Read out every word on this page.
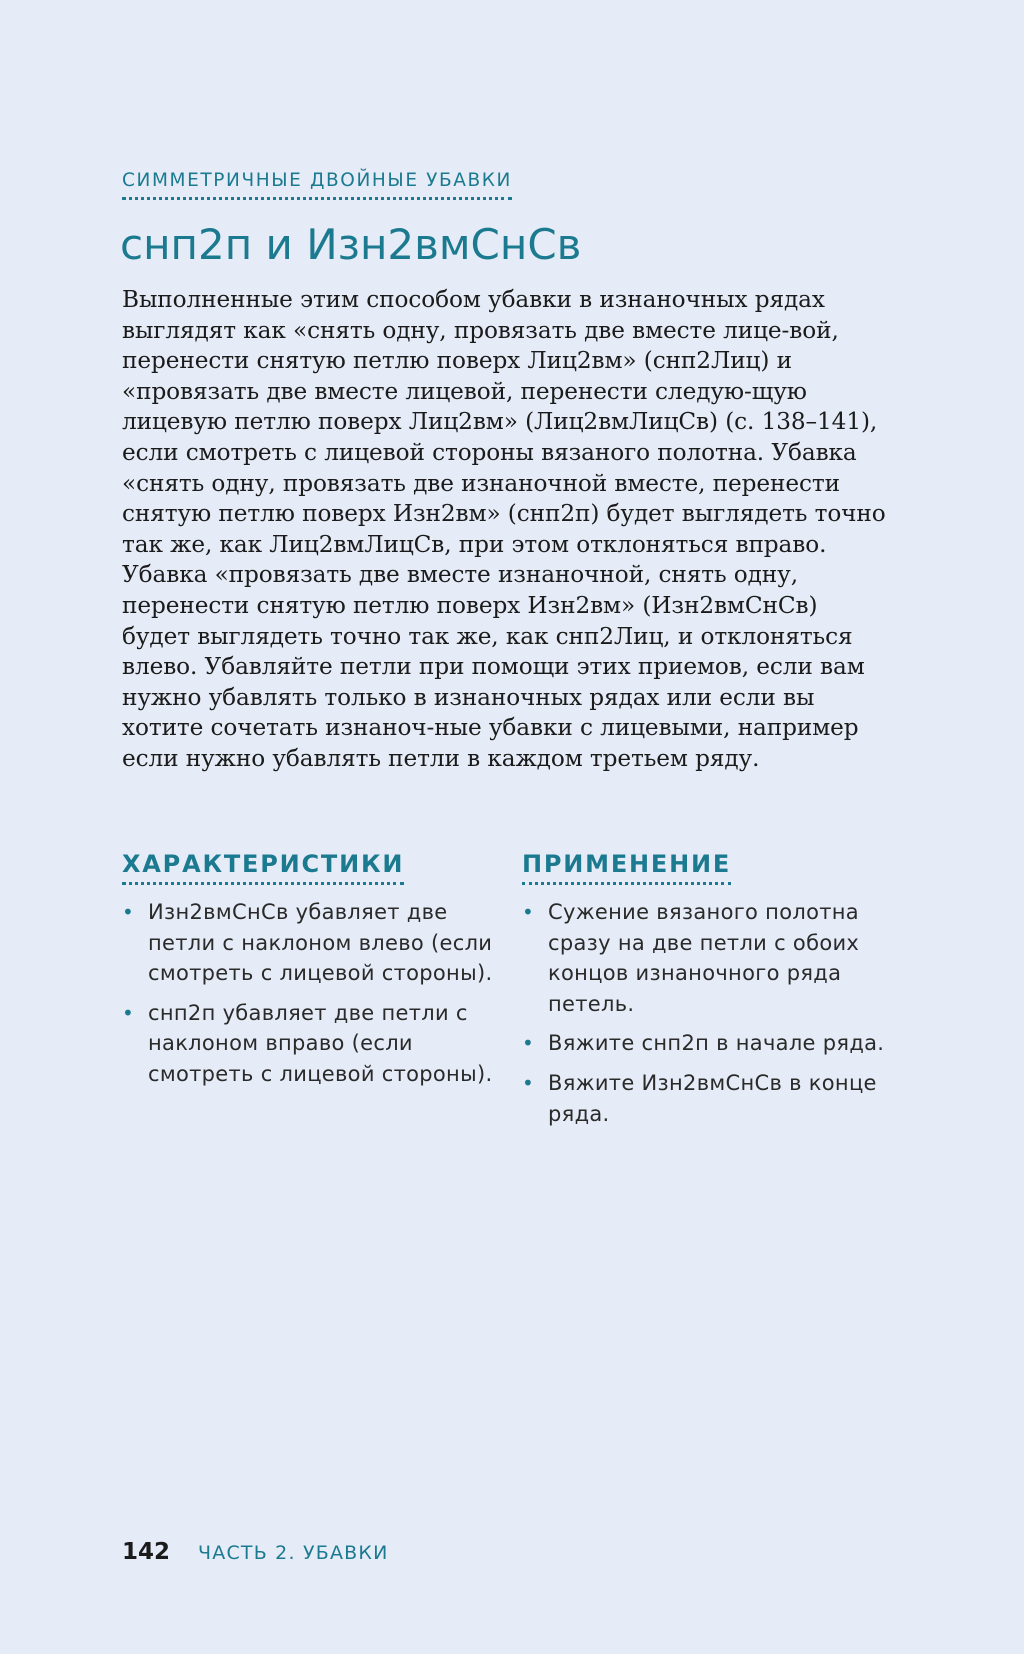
СИММЕТРИЧНЫЕ ДВОЙНЫЕ УБАВКИ
снп2п и Изн2вмСнСв

Выполненные этим способом убавки в изнаночных рядах выглядят как «снять одну, провязать две вместе лице-вой, перенести снятую петлю поверх Лиц2вм» (снп2Лиц) и «провязать две вместе лицевой, перенести следую-щую лицевую петлю поверх Лиц2вм» (Лиц2вмЛицСв) (с. 138–141), если смотреть с лицевой стороны вязаного полотна. Убавка «снять одну, провязать две изнаночной вместе, перенести снятую петлю поверх Изн2вм» (снп2п) будет выглядеть точно так же, как Лиц2вмЛицСв, при этом отклоняться вправо. Убавка «провязать две вместе изнаночной, снять одну, перенести снятую петлю поверх Изн2вм» (Изн2вмСнСв) будет выглядеть точно так же, как снп2Лиц, и отклоняться влево. Убавляйте петли при помощи этих приемов, если вам нужно убавлять только в изнаночных рядах или если вы хотите сочетать изнаноч-ные убавки с лицевыми, например если нужно убавлять петли в каждом третьем ряду.

ХАРАКТЕРИСТИКИ
• Изн2вмСнСв убавляет две петли с наклоном влево (если смотреть с лицевой стороны).
• снп2п убавляет две петли с наклоном вправо (если смотреть с лицевой стороны).
ПРИМЕНЕНИЕ
• Сужение вязаного полотна сразу на две петли с обоих концов изнаночного ряда петель.
• Вяжите снп2п в начале ряда.
• Вяжите Изн2вмСнСв в конце ряда.
142 ЧАСТЬ 2. УБАВКИ
